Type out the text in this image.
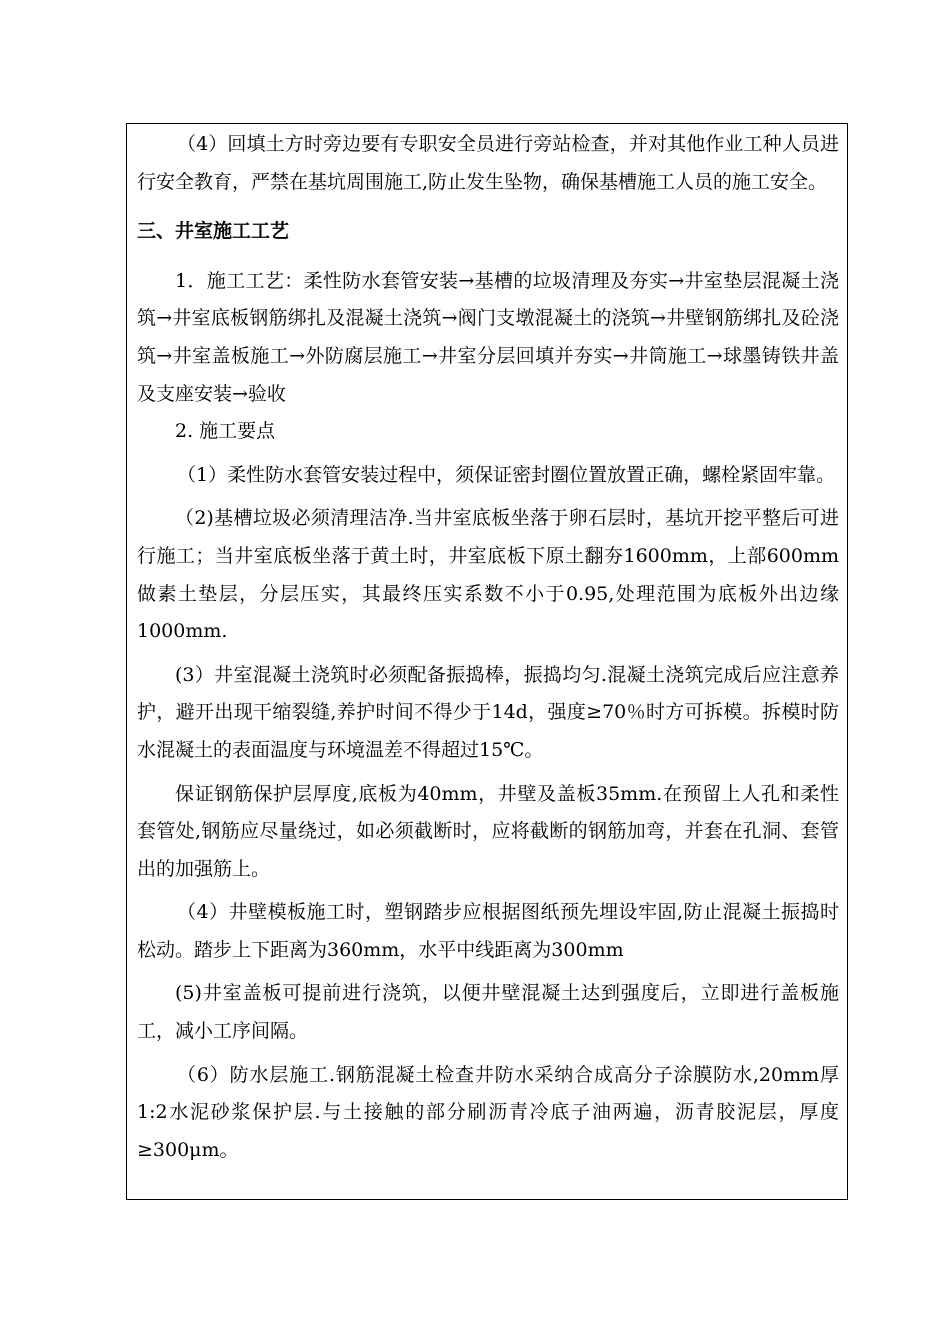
（4）回填土方时旁边要有专职安全员进行旁站检查，并对其他作业工种人员进行安全教育，严禁在基坑周围施工,防止发生坠物，确保基槽施工人员的施工安全。

三、井室施工工艺

1．施工工艺：柔性防水套管安装→基槽的垃圾清理及夯实→井室垫层混凝土浇筑→井室底板钢筋绑扎及混凝土浇筑→阀门支墩混凝土的浇筑→井壁钢筋绑扎及砼浇筑→井室盖板施工→外防腐层施工→井室分层回填并夯实→井筒施工→球墨铸铁井盖及支座安装→验收

2. 施工要点

（1）柔性防水套管安装过程中，须保证密封圈位置放置正确，螺栓紧固牢靠。

（2)基槽垃圾必须清理洁净.当井室底板坐落于卵石层时，基坑开挖平整后可进行施工；当井室底板坐落于黄土时，井室底板下原土翻夯1600mm，上部600mm做素土垫层，分层压实，其最终压实系数不小于0.95,处理范围为底板外出边缘1000mm.

(3）井室混凝土浇筑时必须配备振捣棒，振捣均匀.混凝土浇筑完成后应注意养护，避开出现干缩裂缝,养护时间不得少于14d，强度≥70％时方可拆模。拆模时防水混凝土的表面温度与环境温差不得超过15℃。

保证钢筋保护层厚度,底板为40mm，井壁及盖板35mm.在预留上人孔和柔性套管处,钢筋应尽量绕过，如必须截断时，应将截断的钢筋加弯，并套在孔洞、套管出的加强筋上。

（4）井壁模板施工时，塑钢踏步应根据图纸预先埋设牢固,防止混凝土振捣时松动。踏步上下距离为360mm，水平中线距离为300mm

(5)井室盖板可提前进行浇筑，以便井壁混凝土达到强度后，立即进行盖板施工，减小工序间隔。

（6）防水层施工.钢筋混凝土检查井防水采纳合成高分子涂膜防水,20mm厚1:2水泥砂浆保护层.与土接触的部分刷沥青冷底子油两遍，沥青胶泥层，厚度≥300μm。
